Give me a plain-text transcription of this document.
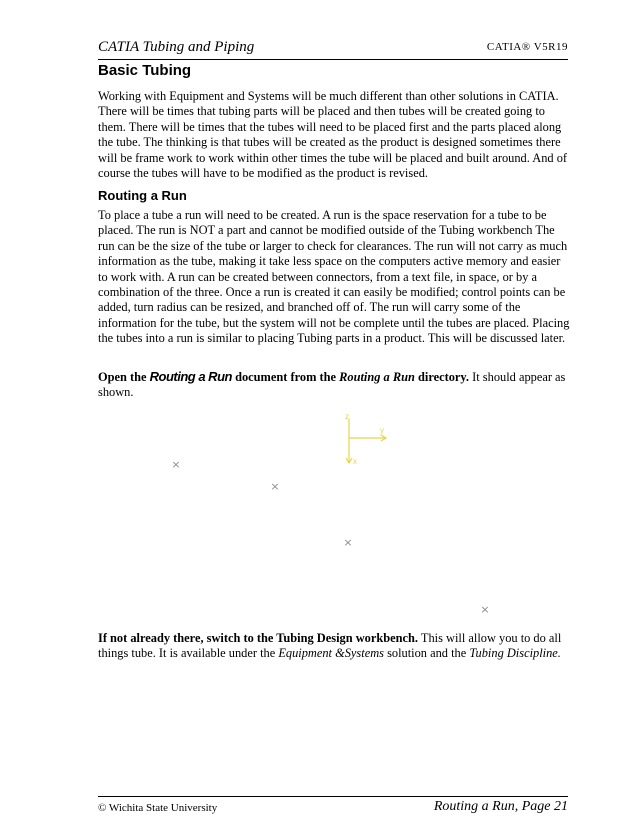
CATIA Tubing and Piping	CATIA® V5R19
Basic Tubing

Working with Equipment and Systems will be much different than other solutions in CATIA. There will be times that tubing parts will be placed and then tubes will be created going to them. There will be times that the tubes will need to be placed first and the parts placed along the tube. The thinking is that tubes will be created as the product is designed sometimes there will be frame work to work within other times the tube will be placed and built around. And of course the tubes will have to be modified as the product is revised.

Routing a Run

To place a tube a run will need to be created. A run is the space reservation for a tube to be placed. The run is NOT a part and cannot be modified outside of the Tubing workbench The run can be the size of the tube or larger to check for clearances. The run will not carry as much information as the tube, making it take less space on the computers active memory and easier to work with. A run can be created between connectors, from a text file, in space, or by a combination of the three. Once a run is created it can easily be modified; control points can be added, turn radius can be resized, and branched off of. The run will carry some of the information for the tube, but the system will not be complete until the tubes are placed. Placing the tubes into a run is similar to placing Tubing parts in a product. This will be discussed later.

Open the Routing a Run document from the Routing a Run directory. It should appear as shown.

z
y
x
×
×
×
×

If not already there, switch to the Tubing Design workbench. This will allow you to do all things tube. It is available under the Equipment &Systems solution and the Tubing Discipline.

© Wichita State University	Routing a Run, Page 21
